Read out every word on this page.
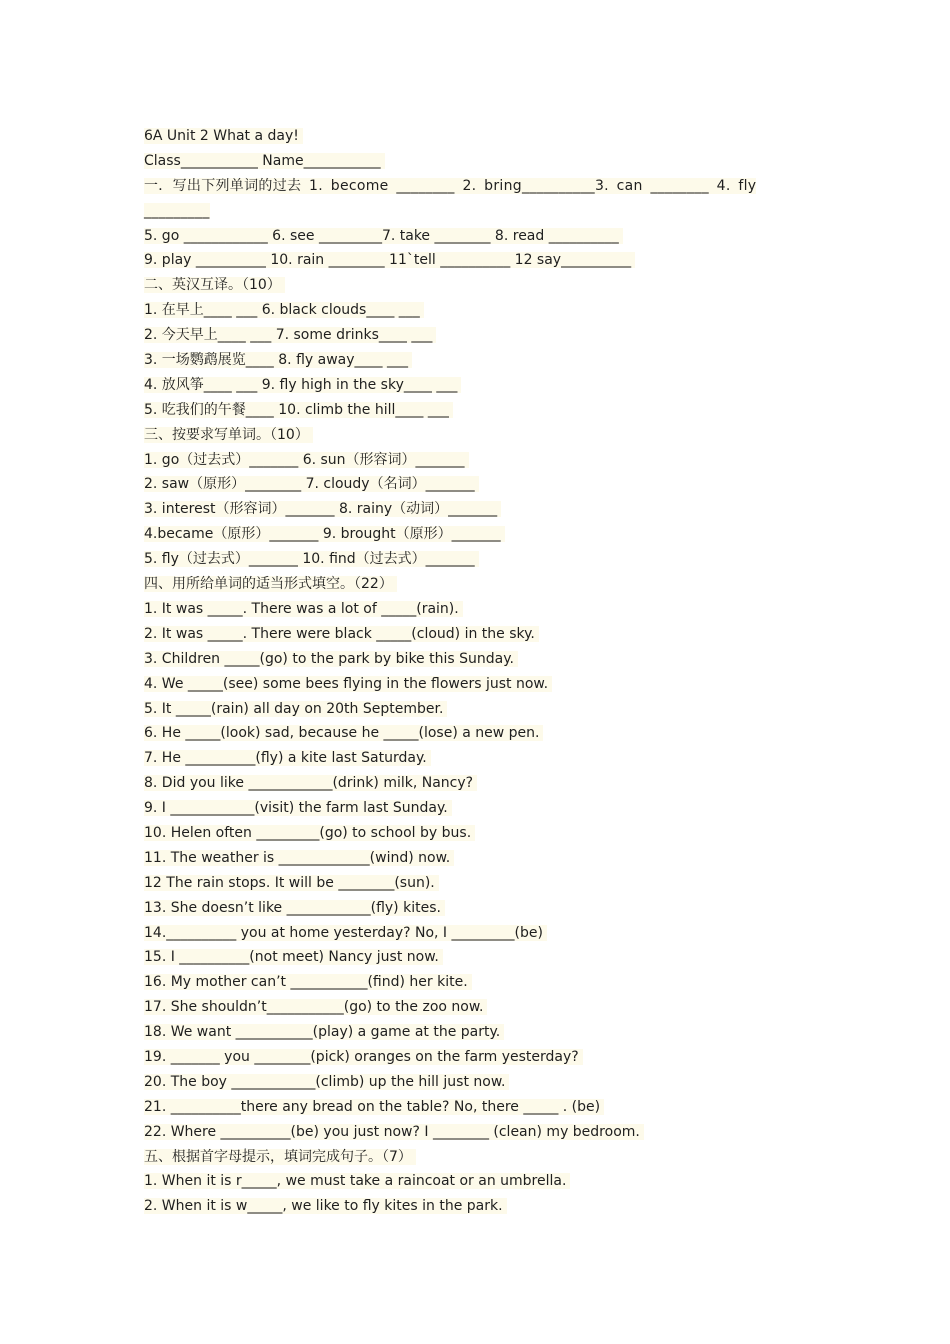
6A Unit 2 What a day!
Class___________ Name___________
一．写出下列单词的过去 1. become ________ 2. bring__________3. can ________ 4. fly _________
5. go ____________ 6. see _________7. take ________ 8. read __________
9. play __________ 10. rain ________ 11`tell __________ 12 say__________
二、英汉互译。（10）
1. 在早上____ ___ 6. black clouds____ ___
2. 今天早上____ ___ 7. some drinks____ ___
3. 一场鹦鹉展览____ 8. fly away____ ___
4. 放风筝____ ___ 9. fly high in the sky____ ___
5. 吃我们的午餐____ 10. climb the hill____ ___
三、按要求写单词。（10）
1. go（过去式）_______ 6. sun（形容词）_______
2. saw（原形）________ 7. cloudy（名词）_______
3. interest（形容词）_______ 8. rainy（动词）_______
4.became（原形）_______ 9. brought（原形）_______
5. fly（过去式）_______ 10. find（过去式）_______
四、用所给单词的适当形式填空。（22）
1. It was _____. There was a lot of _____(rain).
2. It was _____. There were black _____(cloud) in the sky.
3. Children _____(go) to the park by bike this Sunday.
4. We _____(see) some bees flying in the flowers just now.
5. It _____(rain) all day on 20th September.
6. He _____(look) sad, because he _____(lose) a new pen.
7. He __________(fly) a kite last Saturday.
8. Did you like ____________(drink) milk, Nancy?
9. I ____________(visit) the farm last Sunday.
10. Helen often _________(go) to school by bus.
11. The weather is _____________(wind) now.
12 The rain stops. It will be ________(sun).
13. She doesn’t like ____________(fly) kites.
14.__________ you at home yesterday? No, I _________(be)
15. I __________(not meet) Nancy just now.
16. My mother can’t ___________(find) her kite.
17. She shouldn’t___________(go) to the zoo now.
18. We want ___________(play) a game at the party.
19. _______ you ________(pick) oranges on the farm yesterday?
20. The boy ____________(climb) up the hill just now.
21. __________there any bread on the table? No, there _____ . (be)
22. Where __________(be) you just now? I ________ (clean) my bedroom.
五、根据首字母提示，填词完成句子。（7）
1. When it is r_____, we must take a raincoat or an umbrella.
2. When it is w_____, we like to fly kites in the park.
